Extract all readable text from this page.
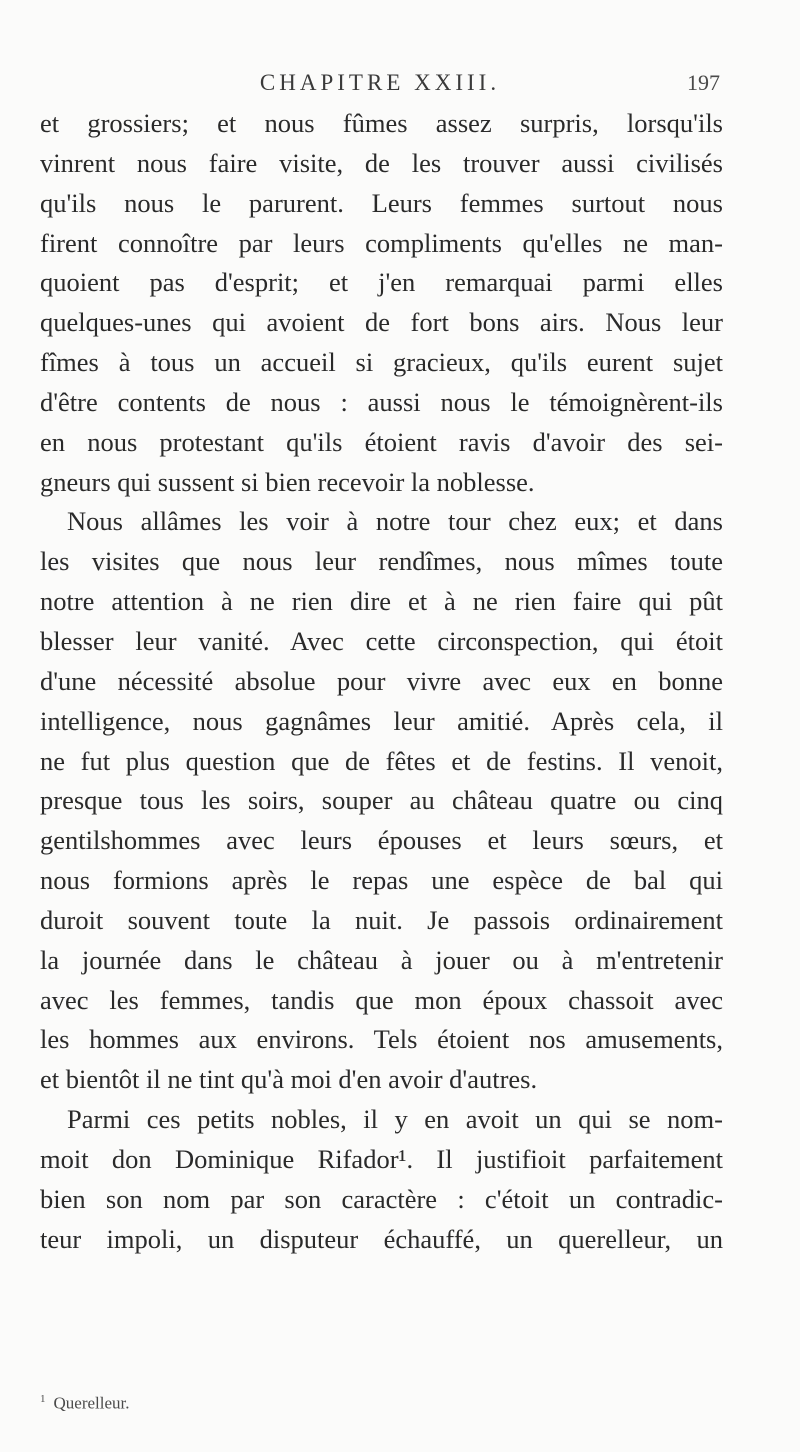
CHAPITRE XXIII.	197
et grossiers; et nous fûmes assez surpris, lorsqu'ils
vinrent nous faire visite, de les trouver aussi civilisés
qu'ils nous le parurent. Leurs femmes surtout nous
firent connoître par leurs compliments qu'elles ne man-
quoient pas d'esprit; et j'en remarquai parmi elles
quelques-unes qui avoient de fort bons airs. Nous leur
fîmes à tous un accueil si gracieux, qu'ils eurent sujet
d'être contents de nous : aussi nous le témoignèrent-ils
en nous protestant qu'ils étoient ravis d'avoir des sei-
gneurs qui sussent si bien recevoir la noblesse.
Nous allâmes les voir à notre tour chez eux; et dans
les visites que nous leur rendîmes, nous mîmes toute
notre attention à ne rien dire et à ne rien faire qui pût
blesser leur vanité. Avec cette circonspection, qui étoit
d'une nécessité absolue pour vivre avec eux en bonne
intelligence, nous gagnâmes leur amitié. Après cela, il
ne fut plus question que de fêtes et de festins. Il venoit,
presque tous les soirs, souper au château quatre ou cinq
gentilshommes avec leurs épouses et leurs sœurs, et
nous formions après le repas une espèce de bal qui
duroit souvent toute la nuit. Je passois ordinairement
la journée dans le château à jouer ou à m'entretenir
avec les femmes, tandis que mon époux chassoit avec
les hommes aux environs. Tels étoient nos amusements,
et bientôt il ne tint qu'à moi d'en avoir d'autres.
Parmi ces petits nobles, il y en avoit un qui se nom-
moit don Dominique Rifador¹. Il justifioit parfaitement
bien son nom par son caractère : c'étoit un contradic-
teur impoli, un disputeur échauffé, un querelleur, un
$^1$ Querelleur.
